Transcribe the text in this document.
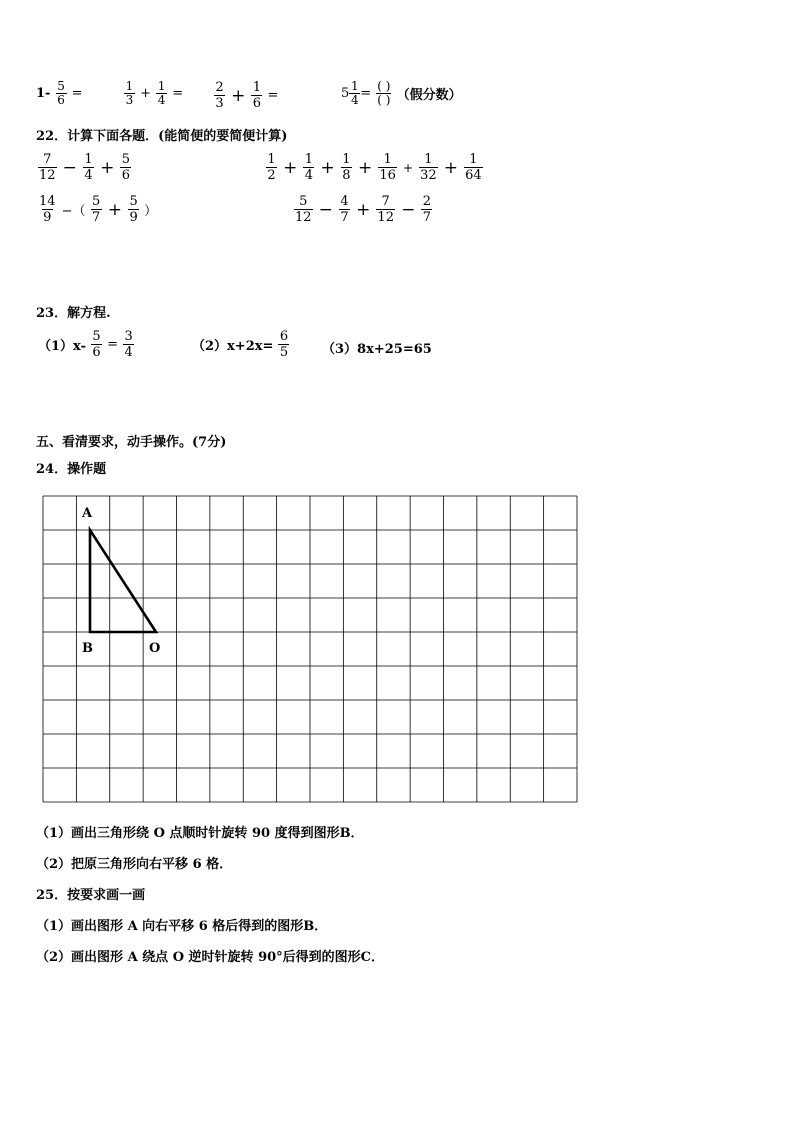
$1- \frac{5}{6}$ =	$\frac{1}{3} + \frac{1}{4} = \frac{2}{3} + \frac{1}{6}$ =	$5 \frac{1}{4} = \frac{( )}{( )}$ （假分数）
22．计算下面各题．(能简便的要简便计算)
$\frac{7}{12} - \frac{1}{4} + \frac{5}{6}$	$\frac{1}{2} + \frac{1}{4} + \frac{1}{8} + \frac{1}{16} + \frac{1}{32} + \frac{1}{64}$
$\frac{14}{9}$ −（ $\frac{5}{7} + \frac{5}{9}$ ）	$\frac{5}{12} - \frac{4}{7} + \frac{7}{12} - \frac{2}{7}$
23．解方程.
$(1)x- \frac{5}{6} = \frac{3}{4}$	$(2)x+2x= \frac{6}{5}$	（3）8x+25=65
五、看清要求，动手操作。(7分)
24．操作题
A
B	O
（1）画出三角形绕 O 点顺时针旋转 90 度得到图形B．
（2）把原三角形向右平移 6 格．
25．按要求画一画
（1）画出图形 A 向右平移 6 格后得到的图形B．
（2）画出图形 A 绕点 O 逆时针旋转 90°后得到的图形C．
